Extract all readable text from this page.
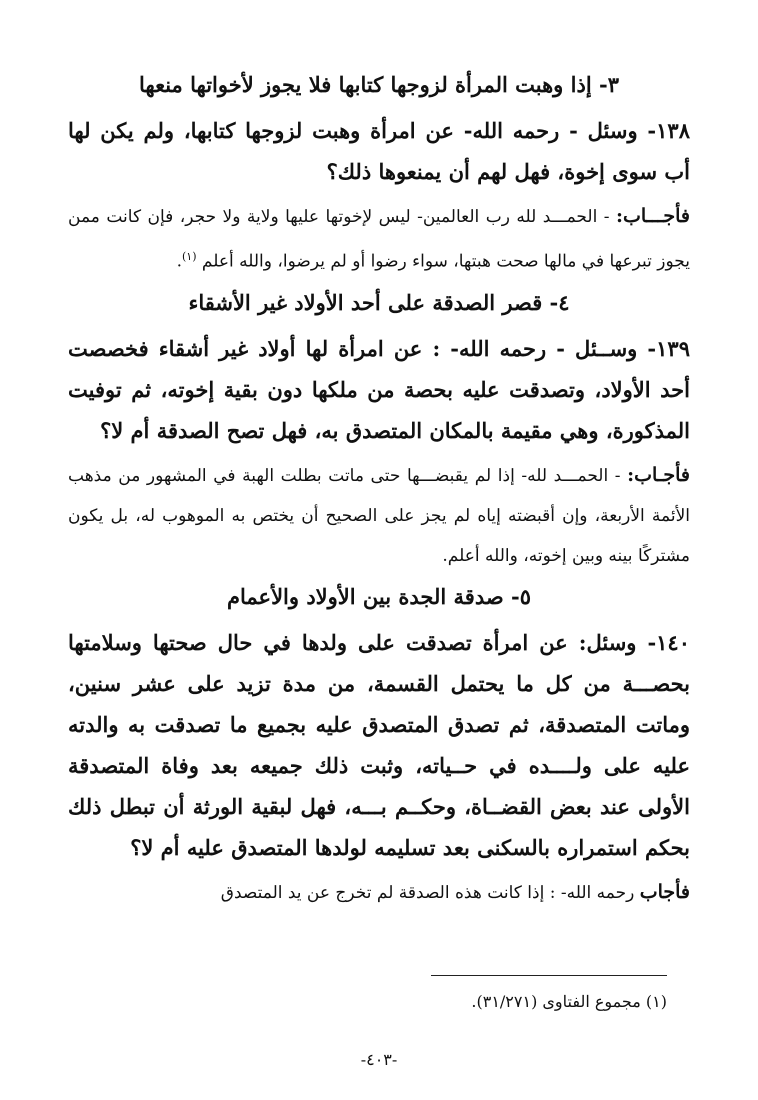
٣- إذا وهبت المرأة لزوجها كتابها فلا يجوز لأخواتها منعها
١٣٨- وسئل - رحمه الله- عن امرأة وهبت لزوجها كتابها، ولم يكن لها أب سوى إخوة، فهل لهم أن يمنعوها ذلك؟
فأجـــاب: - الحمـــد لله رب العالمين- ليس لإخوتها عليها ولاية ولا حجر، فإن كانت ممن يجوز تبرعها في مالها صحت هبتها، سواء رضوا أو لم يرضوا، والله أعلم $^{(١)}$.
٤- قصر الصدقة على أحد الأولاد غير الأشقاء
١٣٩- وســئل - رحمه الله- : عن امرأة لها أولاد غير أشقاء فخصصت أحد الأولاد، وتصدقت عليه بحصة من ملكها دون بقية إخوته، ثم توفيت المذكورة، وهي مقيمة بالمكان المتصدق به، فهل تصح الصدقة أم لا؟
فأجـاب: - الحمـــد لله- إذا لم يقبضـــها حتى ماتت بطلت الهبة في المشهور من مذهب الأئمة الأربعة، وإن أقبضته إياه لم يجز على الصحيح أن يختص به الموهوب له، بل يكون مشتركًا بينه وبين إخوته، والله أعلم.
٥- صدقة الجدة بين الأولاد والأعمام
١٤٠- وسئل: عن امرأة تصدقت على ولدها في حال صحتها وسلامتها بحصـــة من كل ما يحتمل القسمة، من مدة تزيد على عشر سنين، وماتت المتصدقة، ثم تصدق المتصدق عليه بجميع ما تصدقت به والدته عليه على ولــــده في حــياته، وثبت ذلك جميعه بعد وفاة المتصدقة الأولى عند بعض القضــاة، وحكــم بـــه، فهل لبقية الورثة أن تبطل ذلك بحكم استمراره بالسكنى بعد تسليمه لولدها المتصدق عليه أم لا؟
فأجاب رحمه الله- : إذا كانت هذه الصدقة لم تخرج عن يد المتصدق
(١) مجموع الفتاوى (٣١/٢٧١).
-٤٠٣-
